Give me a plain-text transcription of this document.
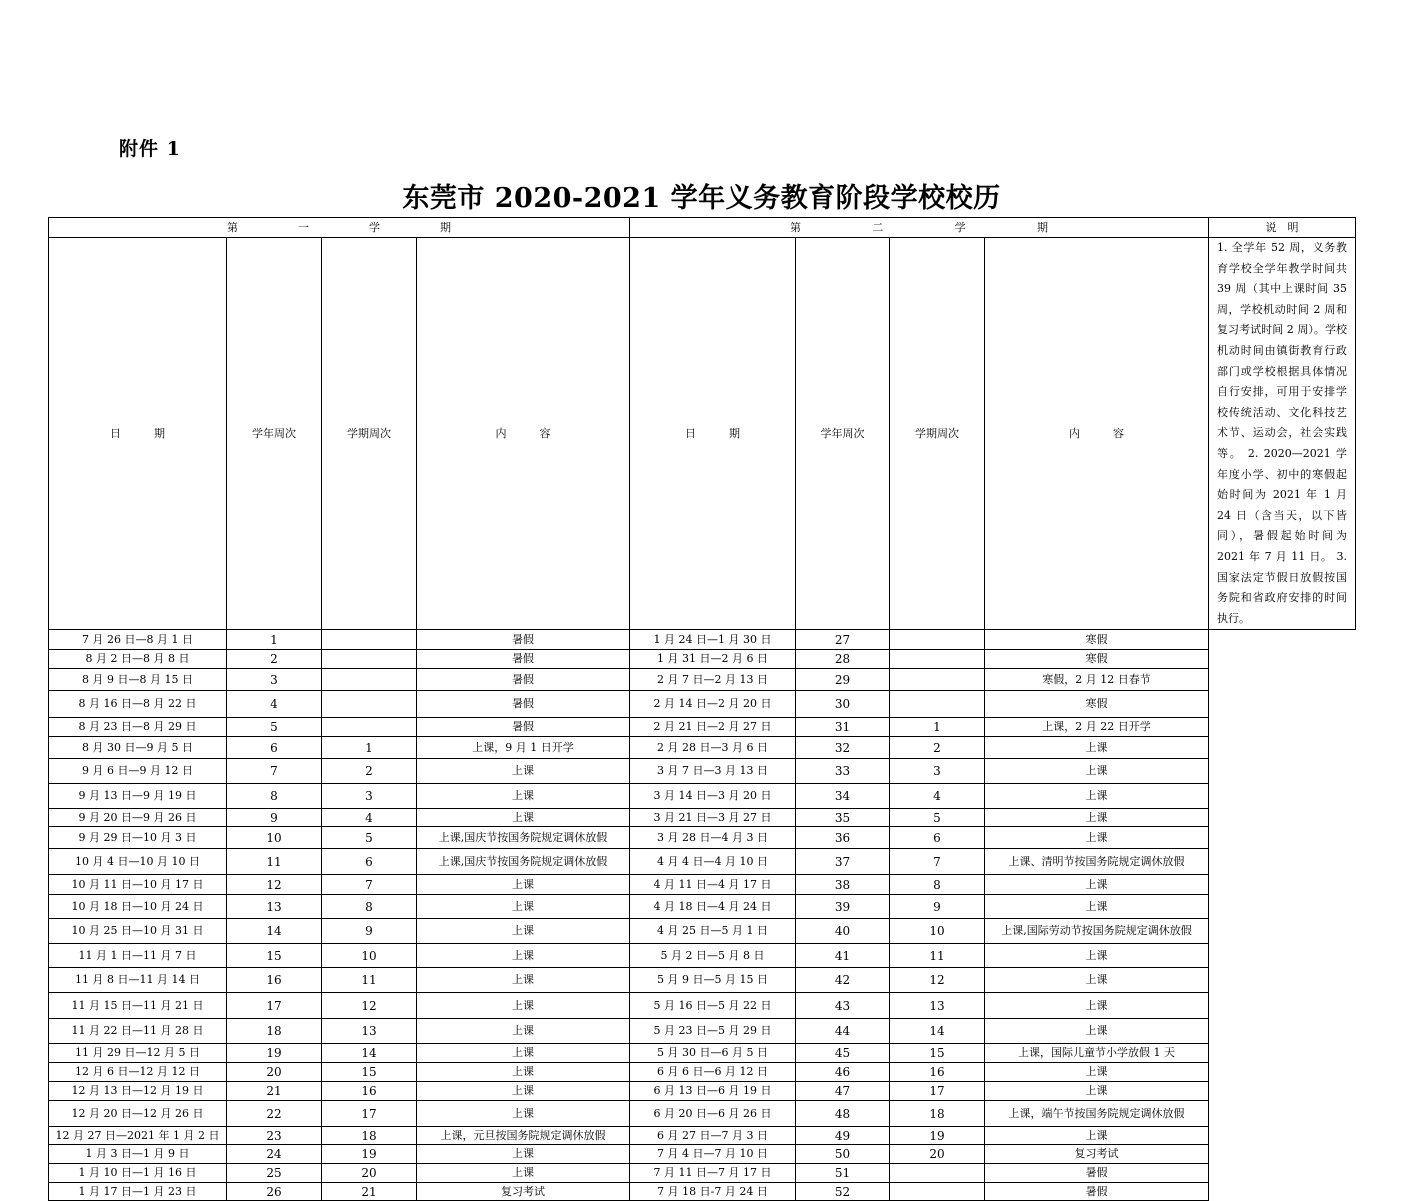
附件 1
东莞市 2020-2021 学年义务教育阶段学校校历
第 一 学 期				第 二 学 期				说　明
日　　　期	学年周次	学期周次	内　　　容	日　　　期	学年周次	学期周次	内　　　容	1. 全学年 52 周，义务教育学校全学年教学时间共 39 周（其中上课时间 35 周，学校机动时间 2 周和复习考试时间 2 周）。学校机动时间由镇街教育行政部门或学校根据具体情况自行安排，可用于安排学校传统活动、文化科技艺术节、运动会，社会实践等。 2. 2020—2021 学年度小学、初中的寒假起始时间为 2021 年 1 月 24 日（含当天，以下皆同），暑假起始时间为 2021 年 7 月 11 日。 3.国家法定节假日放假按国务院和省政府安排的时间执行。
7 月 26 日—8 月 1 日	1		暑假	1 月 24 日—1 月 30 日	27		寒假	
8 月 2 日—8 月 8 日	2		暑假	1 月 31 日—2 月 6 日	28		寒假	
8 月 9 日—8 月 15 日	3		暑假	2 月 7 日—2 月 13 日	29		寒假，2 月 12 日春节	
8 月 16 日—8 月 22 日	4		暑假	2 月 14 日—2 月 20 日	30		寒假	
8 月 23 日—8 月 29 日	5		暑假	2 月 21 日—2 月 27 日	31	1	上课，2 月 22 日开学	
8 月 30 日—9 月 5 日	6	1	上课，9 月 1 日开学	2 月 28 日—3 月 6 日	32	2	上课	
9 月 6 日—9 月 12 日	7	2	上课	3 月 7 日—3 月 13 日	33	3	上课	
9 月 13 日—9 月 19 日	8	3	上课	3 月 14 日—3 月 20 日	34	4	上课	
9 月 20 日—9 月 26 日	9	4	上课	3 月 21 日—3 月 27 日	35	5	上课	
9 月 29 日—10 月 3 日	10	5	上课,国庆节按国务院规定调休放假	3 月 28 日—4 月 3 日	36	6	上课	
10 月 4 日—10 月 10 日	11	6	上课,国庆节按国务院规定调休放假	4 月 4 日—4 月 10 日	37	7	上课、清明节按国务院规定调休放假	
10 月 11 日—10 月 17 日	12	7	上课	4 月 11 日—4 月 17 日	38	8	上课	
10 月 18 日—10 月 24 日	13	8	上课	4 月 18 日—4 月 24 日	39	9	上课	
10 月 25 日—10 月 31 日	14	9	上课	4 月 25 日—5 月 1 日	40	10	上课,国际劳动节按国务院规定调休放假	
11 月 1 日—11 月 7 日	15	10	上课	5 月 2 日—5 月 8 日	41	11	上课	
11 月 8 日—11 月 14 日	16	11	上课	5 月 9 日—5 月 15 日	42	12	上课	
11 月 15 日—11 月 21 日	17	12	上课	5 月 16 日—5 月 22 日	43	13	上课	
11 月 22 日—11 月 28 日	18	13	上课	5 月 23 日—5 月 29 日	44	14	上课	
11 月 29 日—12 月 5 日	19	14	上课	5 月 30 日—6 月 5 日	45	15	上课，国际儿童节小学放假 1 天	
12 月 6 日—12 月 12 日	20	15	上课	6 月 6 日—6 月 12 日	46	16	上课	
12 月 13 日—12 月 19 日	21	16	上课	6 月 13 日—6 月 19 日	47	17	上课	
12 月 20 日—12 月 26 日	22	17	上课	6 月 20 日—6 月 26 日	48	18	上课，端午节按国务院规定调休放假	
12 月 27 日—2021 年 1 月 2 日	23	18	上课，元旦按国务院规定调休放假	6 月 27 日—7 月 3 日	49	19	上课	
1 月 3 日—1 月 9 日	24	19	上课	7 月 4 日—7 月 10 日	50	20	复习考试	
1 月 10 日—1 月 16 日	25	20	上课	7 月 11 日—7 月 17 日	51		暑假	
1 月 17 日—1 月 23 日	26	21	复习考试	7 月 18 日-7 月 24 日	52		暑假	
